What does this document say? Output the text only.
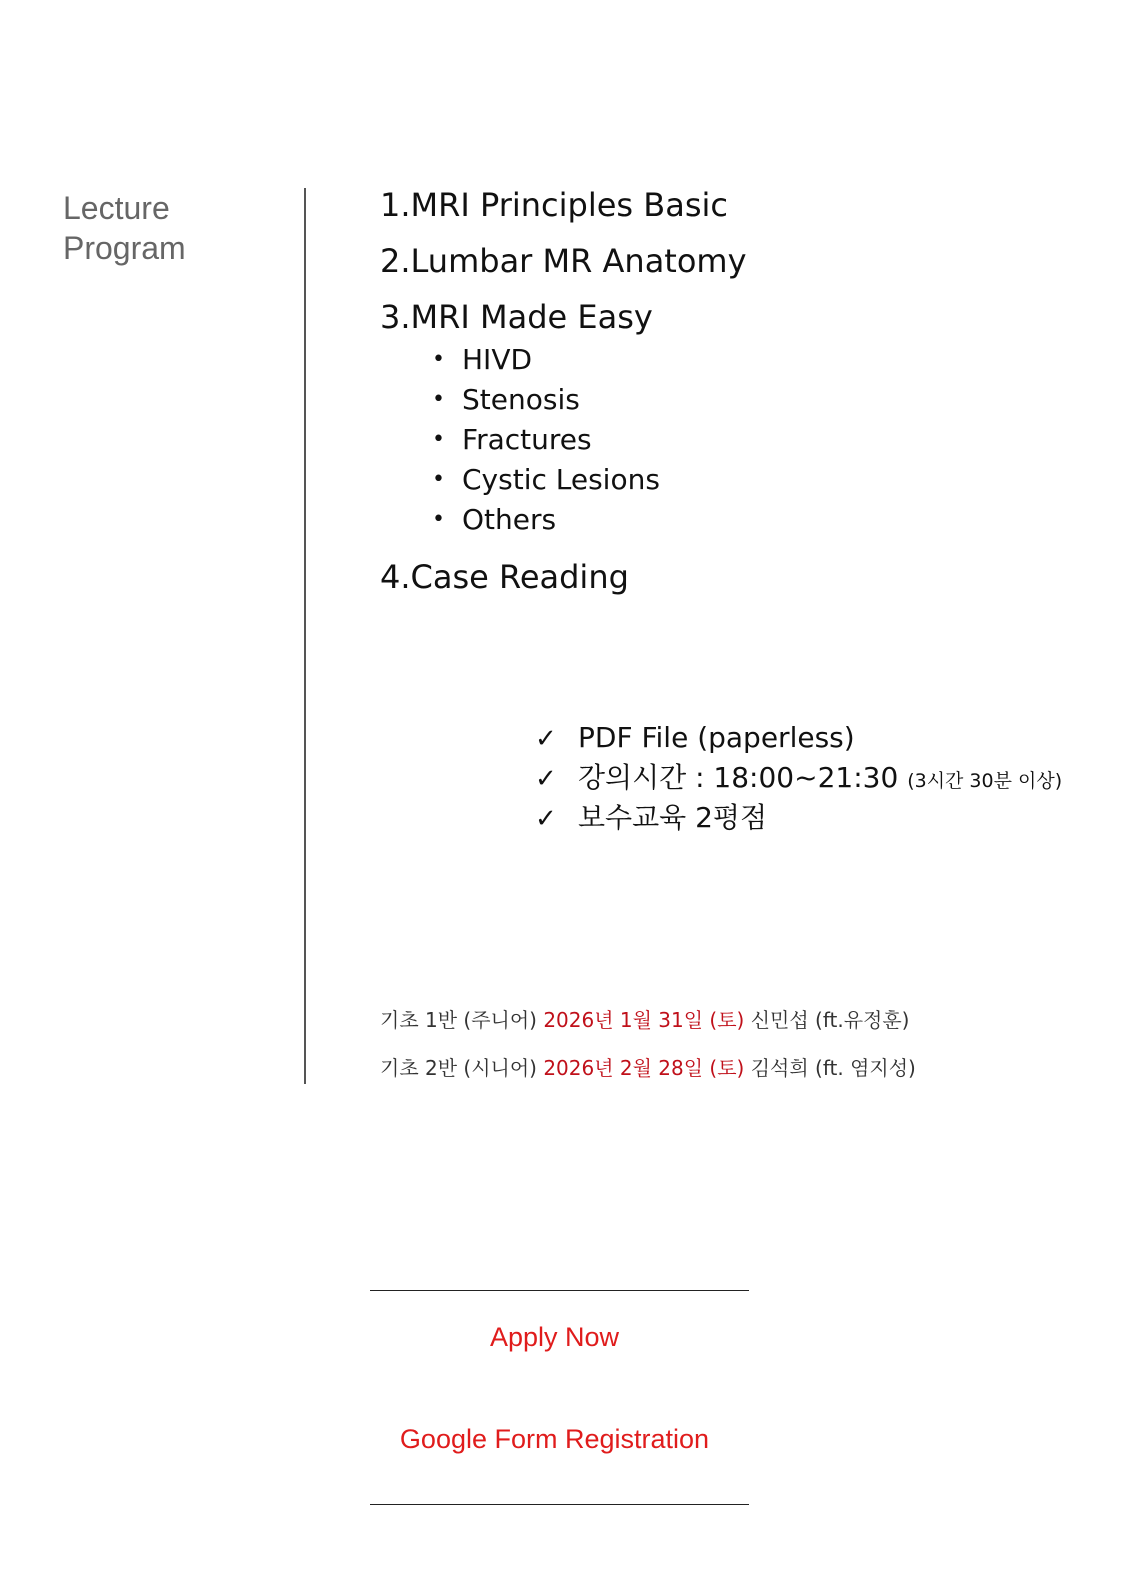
Lecture
Program

1.MRI Principles Basic

2.Lumbar MR Anatomy

3.MRI Made Easy

• HIVD
• Stenosis
• Fractures
• Cystic Lesions
• Others

4.Case Reading

✓ PDF File (paperless)
✓ 강의시간 : 18:00~21:30 (3시간 30분 이상)
✓ 보수교육 2평점
기초 1반 (주니어) 2026년 1월 31일 (토) 신민섭 (ft.유정훈)
기초 2반 (시니어) 2026년 2월 28일 (토) 김석희 (ft. 염지성)
Apply Now
Google Form Registration
